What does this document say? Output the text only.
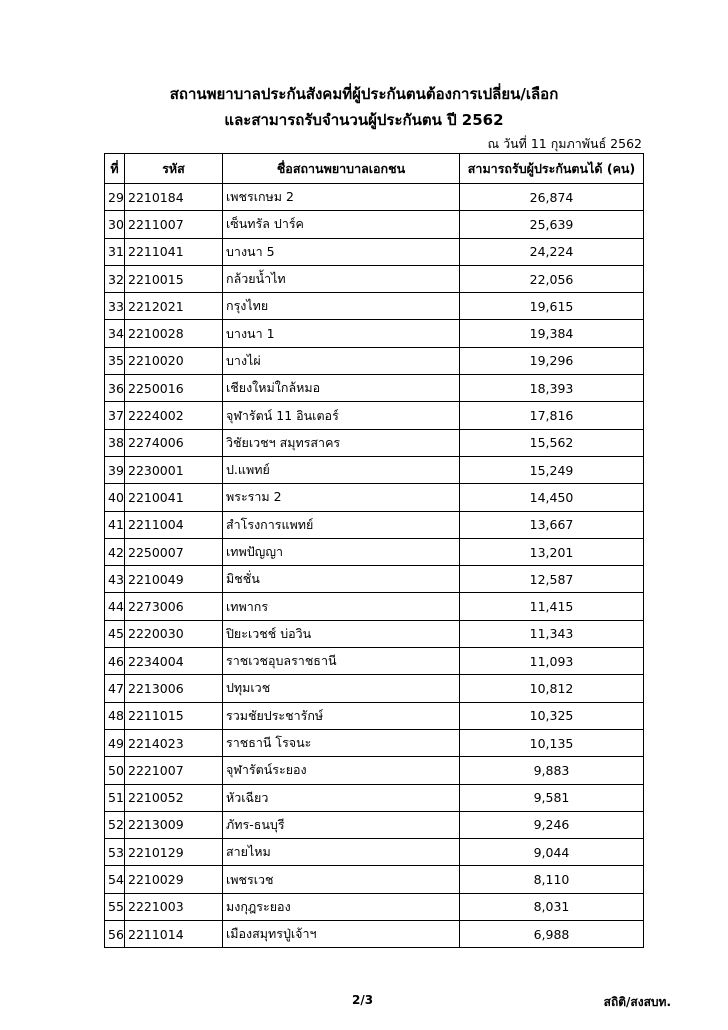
สถานพยาบาลประกันสังคมที่ผู้ประกันตนต้องการเปลี่ยน/เลือก
และสามารถรับจำนวนผู้ประกันตน ปี 2562
ณ วันที่ 11 กุมภาพันธ์ 2562
ที่	รหัส	ชื่อสถานพยาบาลเอกชน	สามารถรับผู้ประกันตนได้ (คน)
29	2210184	เพชรเกษม 2	26,874
30	2211007	เซ็นทรัล ปาร์ค	25,639
31	2211041	บางนา 5	24,224
32	2210015	กล้วยน้ำไท	22,056
33	2212021	กรุงไทย	19,615
34	2210028	บางนา 1	19,384
35	2210020	บางไผ่	19,296
36	2250016	เชียงใหม่ใกล้หมอ	18,393
37	2224002	จุฬารัตน์ 11 อินเตอร์	17,816
38	2274006	วิชัยเวชฯ สมุทรสาคร	15,562
39	2230001	ป.แพทย์	15,249
40	2210041	พระราม 2	14,450
41	2211004	สำโรงการแพทย์	13,667
42	2250007	เทพปัญญา	13,201
43	2210049	มิชชั่น	12,587
44	2273006	เทพากร	11,415
45	2220030	ปิยะเวชช์ บ่อวิน	11,343
46	2234004	ราชเวชอุบลราชธานี	11,093
47	2213006	ปทุมเวช	10,812
48	2211015	รวมชัยประชารักษ์	10,325
49	2214023	ราชธานี โรจนะ	10,135
50	2221007	จุฬารัตน์ระยอง	9,883
51	2210052	หัวเฉียว	9,581
52	2213009	ภัทร-ธนบุรี	9,246
53	2210129	สายไหม	9,044
54	2210029	เพชรเวช	8,110
55	2221003	มงกุฎระยอง	8,031
56	2211014	เมืองสมุทรปู่เจ้าฯ	6,988
2/3	สถิติ/สงสบท.
